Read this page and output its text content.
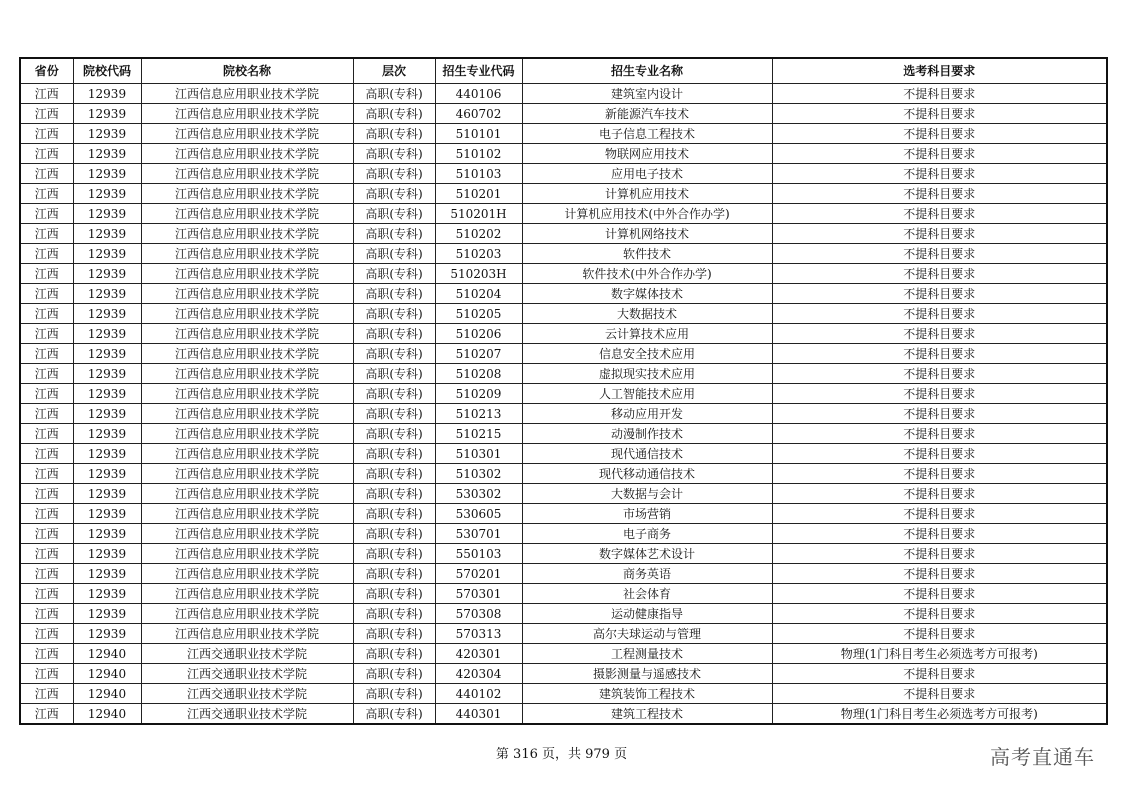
省份	院校代码	院校名称	层次	招生专业代码	招生专业名称	选考科目要求
江西	12939	江西信息应用职业技术学院	高职(专科)	440106	建筑室内设计	不提科目要求
江西	12939	江西信息应用职业技术学院	高职(专科)	460702	新能源汽车技术	不提科目要求
江西	12939	江西信息应用职业技术学院	高职(专科)	510101	电子信息工程技术	不提科目要求
江西	12939	江西信息应用职业技术学院	高职(专科)	510102	物联网应用技术	不提科目要求
江西	12939	江西信息应用职业技术学院	高职(专科)	510103	应用电子技术	不提科目要求
江西	12939	江西信息应用职业技术学院	高职(专科)	510201	计算机应用技术	不提科目要求
江西	12939	江西信息应用职业技术学院	高职(专科)	510201H	计算机应用技术(中外合作办学)	不提科目要求
江西	12939	江西信息应用职业技术学院	高职(专科)	510202	计算机网络技术	不提科目要求
江西	12939	江西信息应用职业技术学院	高职(专科)	510203	软件技术	不提科目要求
江西	12939	江西信息应用职业技术学院	高职(专科)	510203H	软件技术(中外合作办学)	不提科目要求
江西	12939	江西信息应用职业技术学院	高职(专科)	510204	数字媒体技术	不提科目要求
江西	12939	江西信息应用职业技术学院	高职(专科)	510205	大数据技术	不提科目要求
江西	12939	江西信息应用职业技术学院	高职(专科)	510206	云计算技术应用	不提科目要求
江西	12939	江西信息应用职业技术学院	高职(专科)	510207	信息安全技术应用	不提科目要求
江西	12939	江西信息应用职业技术学院	高职(专科)	510208	虚拟现实技术应用	不提科目要求
江西	12939	江西信息应用职业技术学院	高职(专科)	510209	人工智能技术应用	不提科目要求
江西	12939	江西信息应用职业技术学院	高职(专科)	510213	移动应用开发	不提科目要求
江西	12939	江西信息应用职业技术学院	高职(专科)	510215	动漫制作技术	不提科目要求
江西	12939	江西信息应用职业技术学院	高职(专科)	510301	现代通信技术	不提科目要求
江西	12939	江西信息应用职业技术学院	高职(专科)	510302	现代移动通信技术	不提科目要求
江西	12939	江西信息应用职业技术学院	高职(专科)	530302	大数据与会计	不提科目要求
江西	12939	江西信息应用职业技术学院	高职(专科)	530605	市场营销	不提科目要求
江西	12939	江西信息应用职业技术学院	高职(专科)	530701	电子商务	不提科目要求
江西	12939	江西信息应用职业技术学院	高职(专科)	550103	数字媒体艺术设计	不提科目要求
江西	12939	江西信息应用职业技术学院	高职(专科)	570201	商务英语	不提科目要求
江西	12939	江西信息应用职业技术学院	高职(专科)	570301	社会体育	不提科目要求
江西	12939	江西信息应用职业技术学院	高职(专科)	570308	运动健康指导	不提科目要求
江西	12939	江西信息应用职业技术学院	高职(专科)	570313	高尔夫球运动与管理	不提科目要求
江西	12940	江西交通职业技术学院	高职(专科)	420301	工程测量技术	物理(1门科目考生必须选考方可报考)
江西	12940	江西交通职业技术学院	高职(专科)	420304	摄影测量与遥感技术	不提科目要求
江西	12940	江西交通职业技术学院	高职(专科)	440102	建筑装饰工程技术	不提科目要求
江西	12940	江西交通职业技术学院	高职(专科)	440301	建筑工程技术	物理(1门科目考生必须选考方可报考)
第 316 页，共 979 页	高考直通车
